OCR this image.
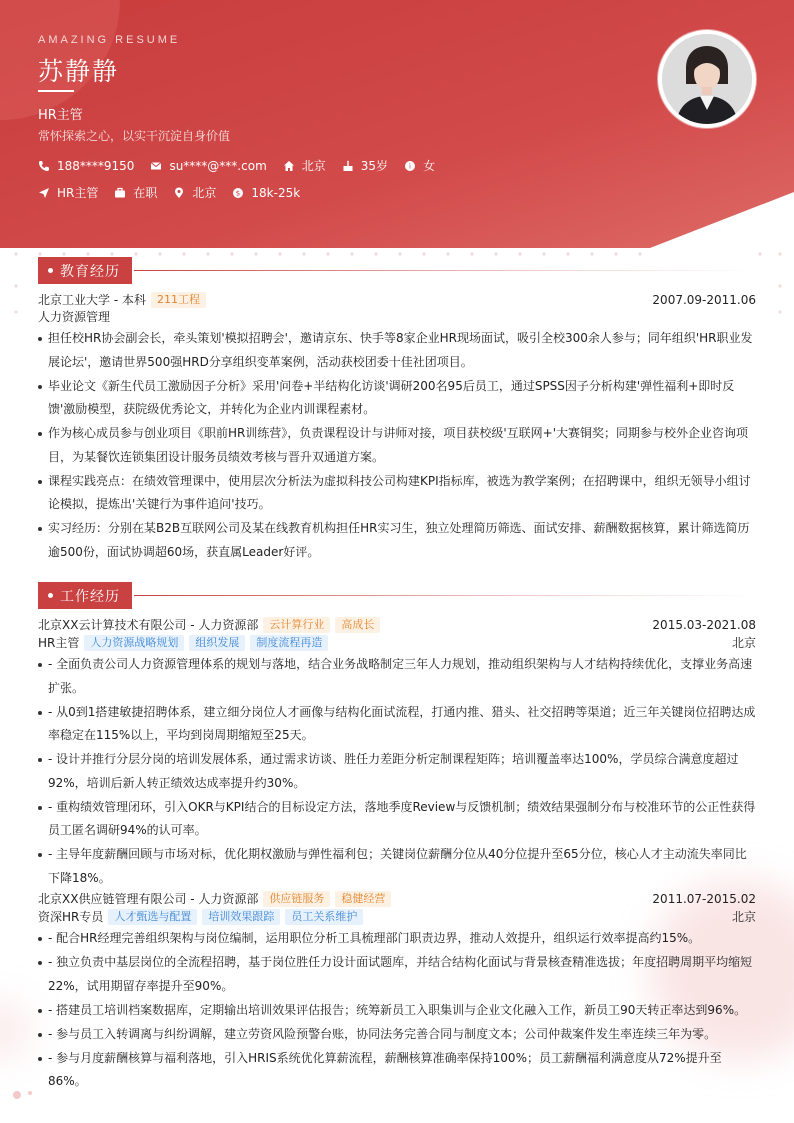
AMAZING RESUME
苏静静
HR主管
常怀探索之心，以实干沉淀自身价值
188****9150	su****@***.com	北京	35岁	i 女
HR主管	在职	北京	$ 18k-25k
教育经历
北京工业大学 - 本科	211工程	2007.09-2011.06
人力资源管理
担任校HR协会副会长，牵头策划'模拟招聘会'，邀请京东、快手等8家企业HR现场面试，吸引全校300余人参与；同年组织'HR职业发展论坛'，邀请世界500强HRD分享组织变革案例，活动获校团委十佳社团项目。
毕业论文《新生代员工激励因子分析》采用'问卷+半结构化访谈'调研200名95后员工，通过SPSS因子分析构建'弹性福利+即时反馈'激励模型，获院级优秀论文，并转化为企业内训课程素材。
作为核心成员参与创业项目《职前HR训练营》，负责课程设计与讲师对接，项目获校级'互联网+'大赛铜奖；同期参与校外企业咨询项目，为某餐饮连锁集团设计服务员绩效考核与晋升双通道方案。
课程实践亮点：在绩效管理课中，使用层次分析法为虚拟科技公司构建KPI指标库，被选为教学案例；在招聘课中，组织无领导小组讨论模拟，提炼出'关键行为事件追问'技巧。
实习经历：分别在某B2B互联网公司及某在线教育机构担任HR实习生，独立处理简历筛选、面试安排、薪酬数据核算，累计筛选简历逾500份，面试协调超60场，获直属Leader好评。
工作经历
北京XX云计算技术有限公司 - 人力资源部	云计算行业	高成长	2015.03-2021.08
HR主管	人力资源战略规划	组织发展	制度流程再造	北京
- 全面负责公司人力资源管理体系的规划与落地，结合业务战略制定三年人力规划，推动组织架构与人才结构持续优化，支撑业务高速扩张。
- 从0到1搭建敏捷招聘体系，建立细分岗位人才画像与结构化面试流程，打通内推、猎头、社交招聘等渠道；近三年关键岗位招聘达成率稳定在115%以上，平均到岗周期缩短至25天。
- 设计并推行分层分岗的培训发展体系，通过需求访谈、胜任力差距分析定制课程矩阵；培训覆盖率达100%，学员综合满意度超过92%，培训后新人转正绩效达成率提升约30%。
- 重构绩效管理闭环，引入OKR与KPI结合的目标设定方法，落地季度Review与反馈机制；绩效结果强制分布与校准环节的公正性获得员工匿名调研94%的认可率。
- 主导年度薪酬回顾与市场对标，优化期权激励与弹性福利包；关键岗位薪酬分位从40分位提升至65分位，核心人才主动流失率同比下降18%。
北京XX供应链管理有限公司 - 人力资源部	供应链服务	稳健经营	2011.07-2015.02
资深HR专员	人才甄选与配置	培训效果跟踪	员工关系维护	北京
- 配合HR经理完善组织架构与岗位编制，运用职位分析工具梳理部门职责边界，推动人效提升，组织运行效率提高约15%。
- 独立负责中基层岗位的全流程招聘，基于岗位胜任力设计面试题库，并结合结构化面试与背景核查精准选拔；年度招聘周期平均缩短22%，试用期留存率提升至90%。
- 搭建员工培训档案数据库，定期输出培训效果评估报告；统筹新员工入职集训与企业文化融入工作，新员工90天转正率达到96%。
- 参与员工入转调离与纠纷调解，建立劳资风险预警台账，协同法务完善合同与制度文本；公司仲裁案件发生率连续三年为零。
- 参与月度薪酬核算与福利落地，引入HRIS系统优化算薪流程，薪酬核算准确率保持100%；员工薪酬福利满意度从72%提升至86%。
